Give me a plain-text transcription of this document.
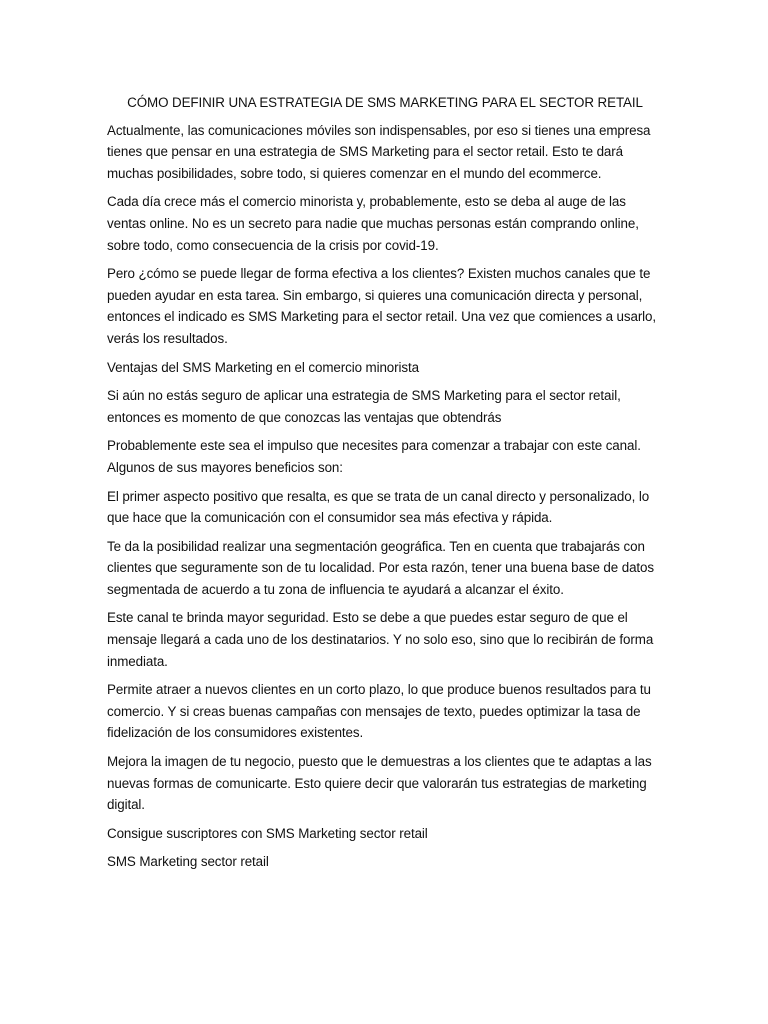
CÓMO DEFINIR UNA ESTRATEGIA DE SMS MARKETING PARA EL SECTOR RETAIL

Actualmente, las comunicaciones móviles son indispensables, por eso si tienes una empresa tienes que pensar en una estrategia de SMS Marketing para el sector retail. Esto te dará muchas posibilidades, sobre todo, si quieres comenzar en el mundo del ecommerce.

Cada día crece más el comercio minorista y, probablemente, esto se deba al auge de las ventas online. No es un secreto para nadie que muchas personas están comprando online, sobre todo, como consecuencia de la crisis por covid-19.

Pero ¿cómo se puede llegar de forma efectiva a los clientes? Existen muchos canales que te pueden ayudar en esta tarea. Sin embargo, si quieres una comunicación directa y personal, entonces el indicado es SMS Marketing para el sector retail. Una vez que comiences a usarlo, verás los resultados.

Ventajas del SMS Marketing en el comercio minorista

Si aún no estás seguro de aplicar una estrategia de SMS Marketing para el sector retail, entonces es momento de que conozcas las ventajas que obtendrás

Probablemente este sea el impulso que necesites para comenzar a trabajar con este canal. Algunos de sus mayores beneficios son:

El primer aspecto positivo que resalta, es que se trata de un canal directo y personalizado, lo que hace que la comunicación con el consumidor sea más efectiva y rápida.

Te da la posibilidad realizar una segmentación geográfica. Ten en cuenta que trabajarás con clientes que seguramente son de tu localidad. Por esta razón, tener una buena base de datos segmentada de acuerdo a tu zona de influencia te ayudará a alcanzar el éxito.

Este canal te brinda mayor seguridad. Esto se debe a que puedes estar seguro de que el mensaje llegará a cada uno de los destinatarios. Y no solo eso, sino que lo recibirán de forma inmediata.

Permite atraer a nuevos clientes en un corto plazo, lo que produce buenos resultados para tu comercio. Y si creas buenas campañas con mensajes de texto, puedes optimizar la tasa de fidelización de los consumidores existentes.

Mejora la imagen de tu negocio, puesto que le demuestras a los clientes que te adaptas a las nuevas formas de comunicarte. Esto quiere decir que valorarán tus estrategias de marketing digital.

Consigue suscriptores con SMS Marketing sector retail

SMS Marketing sector retail
